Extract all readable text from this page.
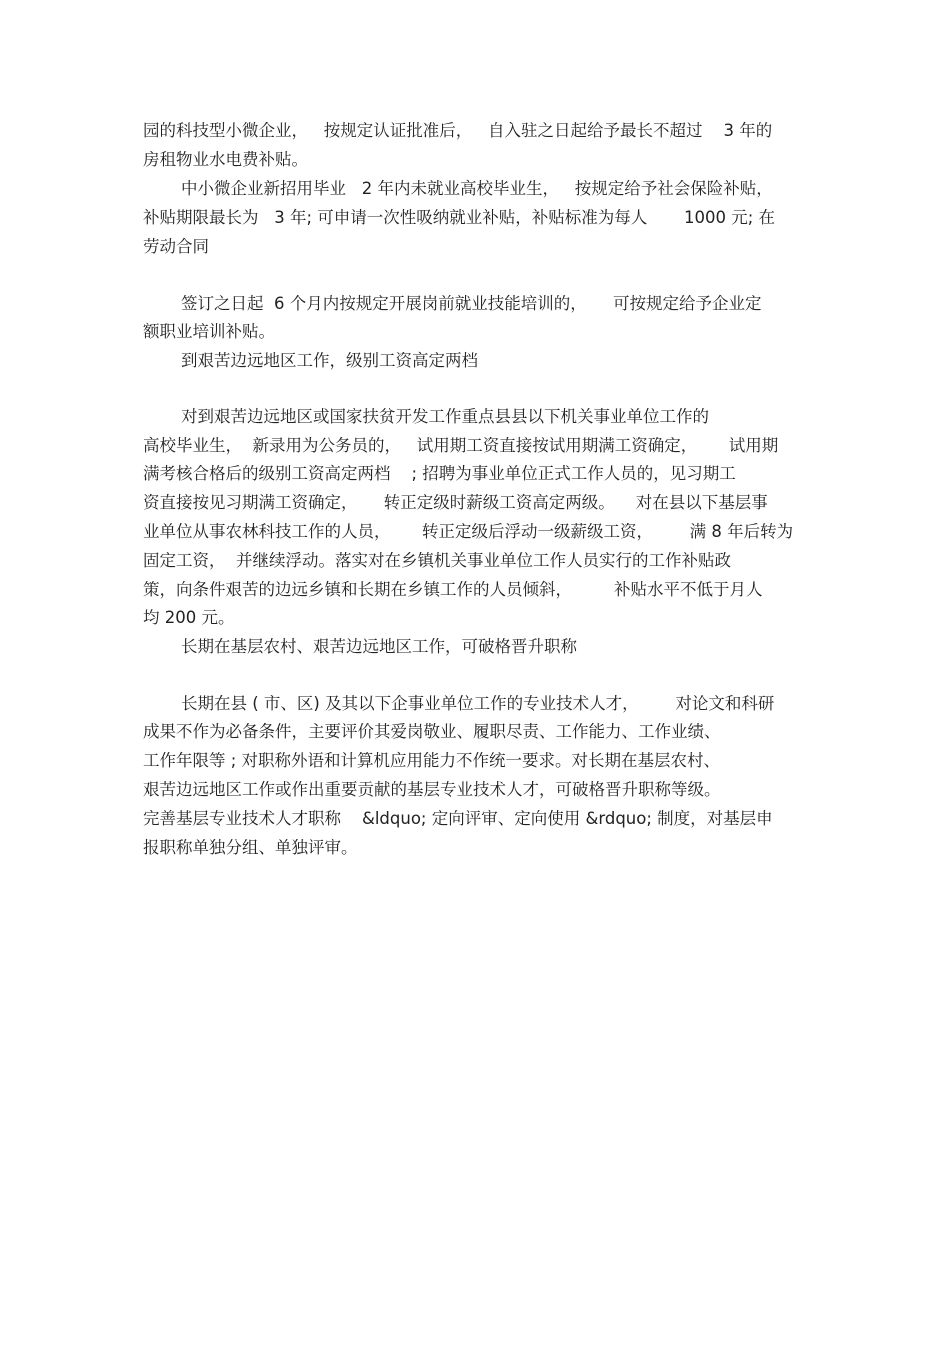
园的科技型小微企业，   按规定认证批准后，   自入驻之日起给予最长不超过    3 年的
房租物业水电费补贴。
中小微企业新招用毕业   2 年内未就业高校毕业生，   按规定给予社会保险补贴，
补贴期限最长为   3 年; 可申请一次性吸纳就业补贴，补贴标准为每人       1000 元; 在
劳动合同
签订之日起  6 个月内按规定开展岗前就业技能培训的，     可按规定给予企业定
额职业培训补贴。
到艰苦边远地区工作，级别工资高定两档
对到艰苦边远地区或国家扶贫开发工作重点县县以下机关事业单位工作的
高校毕业生，  新录用为公务员的，   试用期工资直接按试用期满工资确定，      试用期
满考核合格后的级别工资高定两档    ; 招聘为事业单位正式工作人员的，见习期工
资直接按见习期满工资确定，     转正定级时薪级工资高定两级。    对在县以下基层事
业单位从事农林科技工作的人员，      转正定级后浮动一级薪级工资，       满 8 年后转为
固定工资，  并继续浮动。落实对在乡镇机关事业单位工作人员实行的工作补贴政
策，向条件艰苦的边远乡镇和长期在乡镇工作的人员倾斜，        补贴水平不低于月人
均 200 元。
长期在基层农村、艰苦边远地区工作，可破格晋升职称
长期在县 ( 市、区) 及其以下企事业单位工作的专业技术人才，       对论文和科研
成果不作为必备条件，主要评价其爱岗敬业、履职尽责、工作能力、工作业绩、
工作年限等 ; 对职称外语和计算机应用能力不作统一要求。对长期在基层农村、
艰苦边远地区工作或作出重要贡献的基层专业技术人才，可破格晋升职称等级。
完善基层专业技术人才职称    &ldquo; 定向评审、定向使用 &rdquo; 制度，对基层申
报职称单独分组、单独评审。
